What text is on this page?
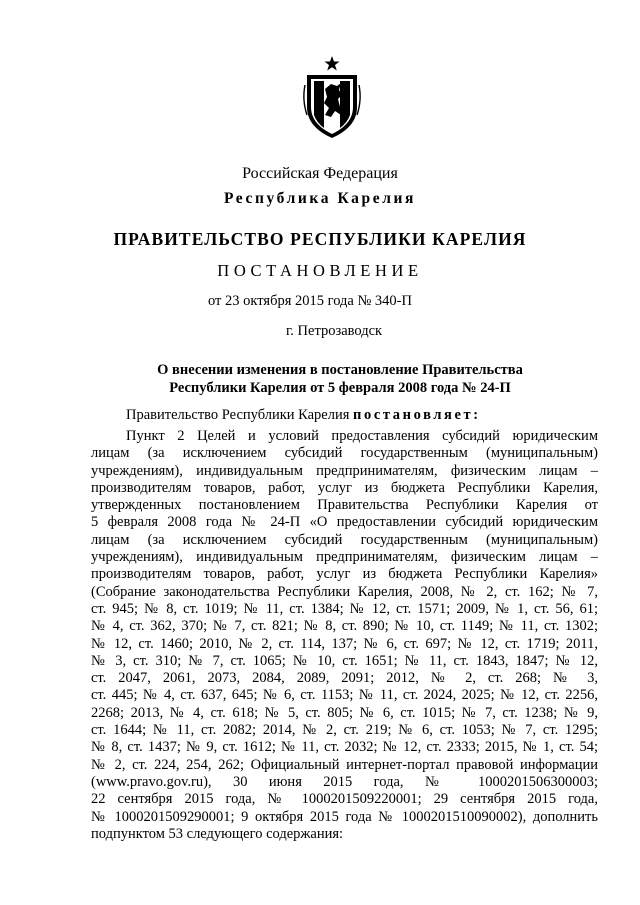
Российская Федерация
Республика Карелия
ПРАВИТЕЛЬСТВО РЕСПУБЛИКИ КАРЕЛИЯ
ПОСТАНОВЛЕНИЕ
от 23 октября 2015 года № 340-П
г. Петрозаводск
О внесении изменения в постановление Правительства
Республики Карелия от 5 февраля 2008 года № 24-П
Правительство Республики Карелия постановляет:
Пункт 2 Целей и условий предоставления субсидий юридическим
лицам (за исключением субсидий государственным (муниципальным)
учреждениям), индивидуальным предпринимателям, физическим лицам –
производителям товаров, работ, услуг из бюджета Республики Карелия,
утвержденных постановлением Правительства Республики Карелия от
5 февраля 2008 года № 24-П «О предоставлении субсидий юридическим
лицам (за исключением субсидий государственным (муниципальным)
учреждениям), индивидуальным предпринимателям, физическим лицам –
производителям товаров, работ, услуг из бюджета Республики Карелия»
(Собрание законодательства Республики Карелия, 2008, № 2, ст. 162; № 7,
ст. 945; № 8, ст. 1019; № 11, ст. 1384; № 12, ст. 1571; 2009, № 1, ст. 56, 61;
№ 4, ст. 362, 370; № 7, ст. 821; № 8, ст. 890; № 10, ст. 1149; № 11, ст. 1302;
№ 12, ст. 1460; 2010, № 2, ст. 114, 137; № 6, ст. 697; № 12, ст. 1719; 2011,
№ 3, ст. 310; № 7, ст. 1065; № 10, ст. 1651; № 11, ст. 1843, 1847; № 12,
ст. 2047, 2061, 2073, 2084, 2089, 2091; 2012, № 2, ст. 268; № 3,
ст. 445; № 4, ст. 637, 645; № 6, ст. 1153; № 11, ст. 2024, 2025; № 12, ст. 2256,
2268; 2013, № 4, ст. 618; № 5, ст. 805; № 6, ст. 1015; № 7, ст. 1238; № 9,
ст. 1644; № 11, ст. 2082; 2014, № 2, ст. 219; № 6, ст. 1053; № 7, ст. 1295;
№ 8, ст. 1437; № 9, ст. 1612; № 11, ст. 2032; № 12, ст. 2333; 2015, № 1, ст. 54;
№ 2, ст. 224, 254, 262; Официальный интернет-портал правовой информации
(www.pravo.gov.ru), 30 июня 2015 года, № 1000201506300003;
22 сентября 2015 года, № 1000201509220001; 29 сентября 2015 года,
№ 1000201509290001; 9 октября 2015 года № 1000201510090002), дополнить
подпунктом 53 следующего содержания:
